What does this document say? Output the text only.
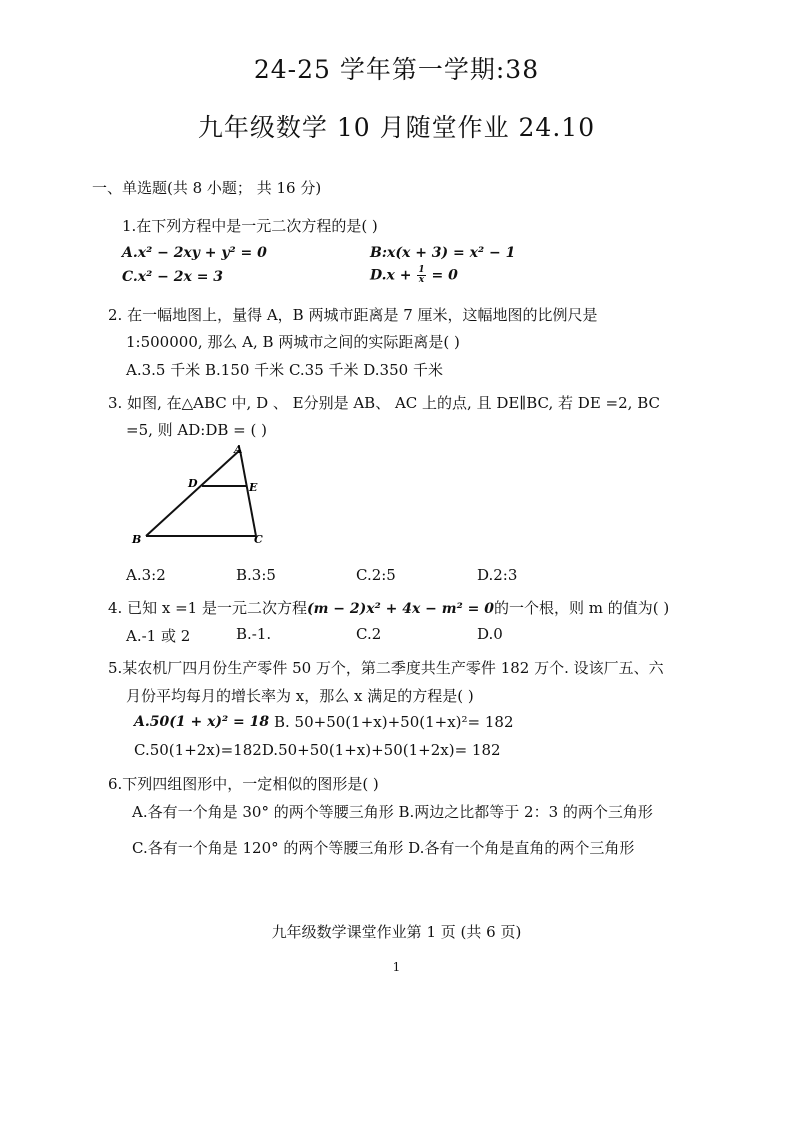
24-25 学年第一学期:38
九年级数学 10 月随堂作业 24.10
一、单选题(共 8 小题； 共 16 分)
1.在下列方程中是一元二次方程的是( )
A.x² − 2xy + y² = 0	B:x(x + 3) = x² − 1
C.x² − 2x = 3	$D.x + \frac{1}{x} = 0$
2. 在一幅地图上，量得 A，B 两城市距离是 7 厘米，这幅地图的比例尺是
1:500000, 那么 A, B 两城市之间的实际距离是( )
A.3.5 千米 B.150 千米 C.35 千米 D.350 千米
3. 如图, 在△ABC 中, D 、 E分别是 AB、 AC 上的点, 且 DE∥BC, 若 DE =2, BC
=5, 则 AD:DB = ( )
A
D	E
B	C
A.3:2	B.3:5	C.2:5	D.2:3
4. 已知 x =1 是一元二次方程(m − 2)x² + 4x − m² = 0的一个根，则 m 的值为( )
A.-1 或 2	B.-1.	C.2	D.0
5.某农机厂四月份生产零件 50 万个，第二季度共生产零件 182 万个. 设该厂五、六
月份平均每月的增长率为 x，那么 x 满足的方程是( )
A.50(1 + x)² = 18 B. 50+50(1+x)+50(1+x)²= 182
C.50(1+2x)=182D.50+50(1+x)+50(1+2x)= 182
6.下列四组图形中，一定相似的图形是( )
A.各有一个角是 30° 的两个等腰三角形 B.两边之比都等于 2：3 的两个三角形
C.各有一个角是 120° 的两个等腰三角形 D.各有一个角是直角的两个三角形
九年级数学课堂作业第 1 页 (共 6 页)
1
